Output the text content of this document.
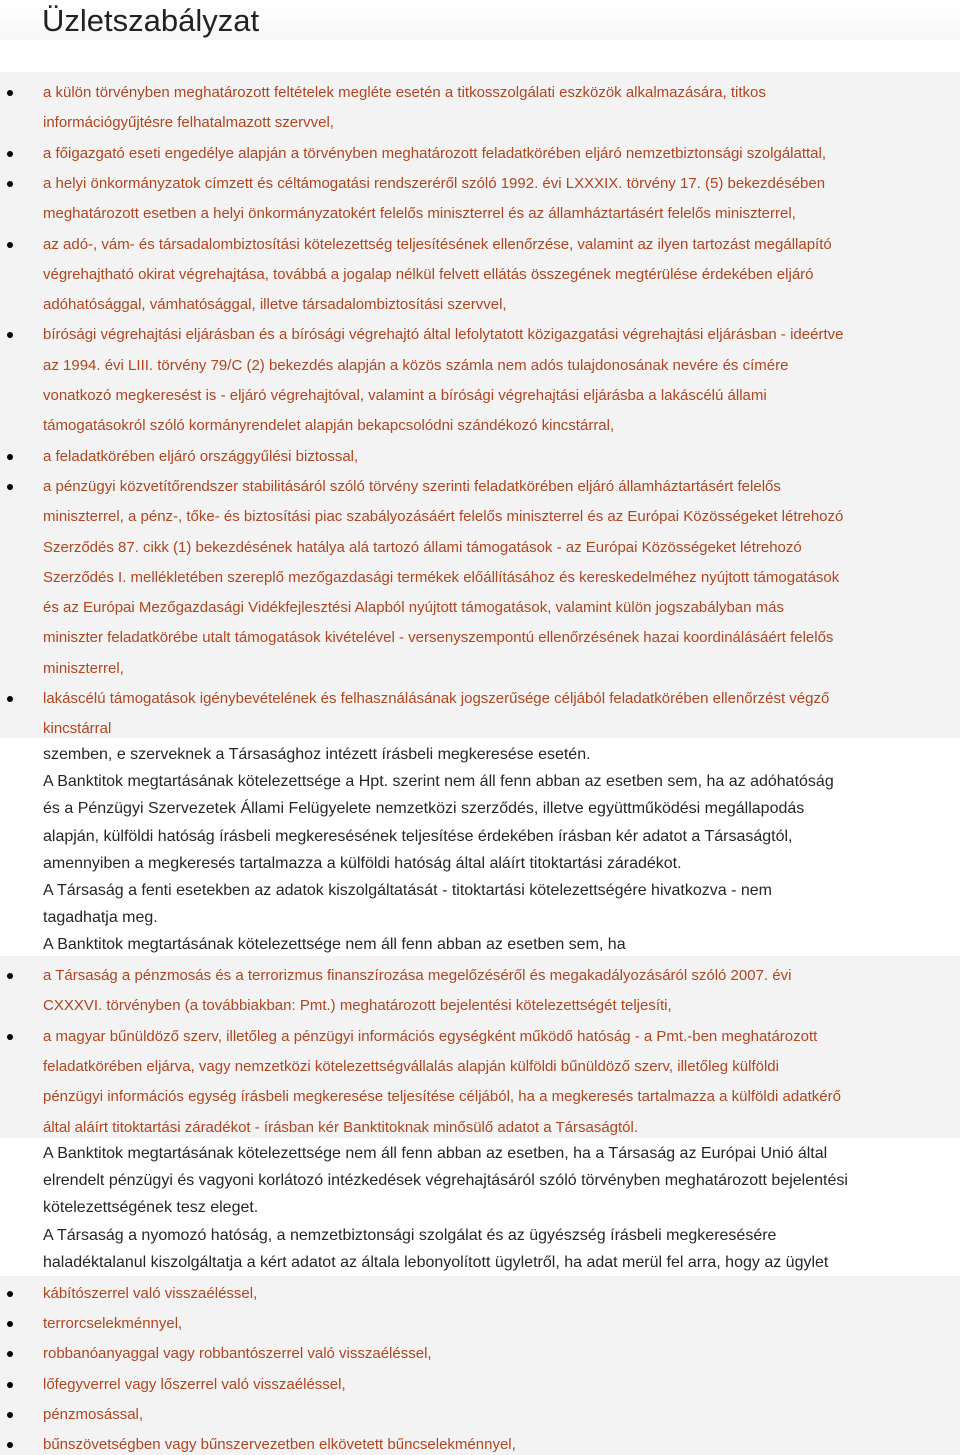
Üzletszabályzat
a külön törvényben meghatározott feltételek megléte esetén a titkosszolgálati eszközök alkalmazására, titkos
információgyűjtésre felhatalmazott szervvel,
a főigazgató eseti engedélye alapján a törvényben meghatározott feladatkörében eljáró nemzetbiztonsági szolgálattal,
a helyi önkormányzatok címzett és céltámogatási rendszeréről szóló 1992. évi LXXXIX. törvény 17. (5) bekezdésében
meghatározott esetben a helyi önkormányzatokért felelős miniszterrel és az államháztartásért felelős miniszterrel,
az adó-, vám- és társadalombiztosítási kötelezettség teljesítésének ellenőrzése, valamint az ilyen tartozást megállapító
végrehajtható okirat végrehajtása, továbbá a jogalap nélkül felvett ellátás összegének megtérülése érdekében eljáró
adóhatósággal, vámhatósággal, illetve társadalombiztosítási szervvel,
bírósági végrehajtási eljárásban és a bírósági végrehajtó által lefolytatott közigazgatási végrehajtási eljárásban - ideértve
az 1994. évi LIII. törvény 79/C (2) bekezdés alapján a közös számla nem adós tulajdonosának nevére és címére
vonatkozó megkeresést is - eljáró végrehajtóval, valamint a bírósági végrehajtási eljárásba a lakáscélú állami
támogatásokról szóló kormányrendelet alapján bekapcsolódni szándékozó kincstárral,
a feladatkörében eljáró országgyűlési biztossal,
a pénzügyi közvetítőrendszer stabilitásáról szóló törvény szerinti feladatkörében eljáró államháztartásért felelős
miniszterrel, a pénz-, tőke- és biztosítási piac szabályozásáért felelős miniszterrel és az Európai Közösségeket létrehozó
Szerződés 87. cikk (1) bekezdésének hatálya alá tartozó állami támogatások - az Európai Közösségeket létrehozó
Szerződés I. mellékletében szereplő mezőgazdasági termékek előállításához és kereskedelméhez nyújtott támogatások
és az Európai Mezőgazdasági Vidékfejlesztési Alapból nyújtott támogatások, valamint külön jogszabályban más
miniszter feladatkörébe utalt támogatások kivételével - versenyszempontú ellenőrzésének hazai koordinálásáért felelős
miniszterrel,
lakáscélú támogatások igénybevételének és felhasználásának jogszerűsége céljából feladatkörében ellenőrzést végző
kincstárral
szemben, e szerveknek a Társasághoz intézett írásbeli megkeresése esetén.
A Banktitok megtartásának kötelezettsége a Hpt. szerint nem áll fenn abban az esetben sem, ha az adóhatóság
és a Pénzügyi Szervezetek Állami Felügyelete nemzetközi szerződés, illetve együttműködési megállapodás
alapján, külföldi hatóság írásbeli megkeresésének teljesítése érdekében írásban kér adatot a Társaságtól,
amennyiben a megkeresés tartalmazza a külföldi hatóság által aláírt titoktartási záradékot.
A Társaság a fenti esetekben az adatok kiszolgáltatását - titoktartási kötelezettségére hivatkozva - nem
tagadhatja meg.
A Banktitok megtartásának kötelezettsége nem áll fenn abban az esetben sem, ha
a Társaság a pénzmosás és a terrorizmus finanszírozása megelőzéséről és megakadályozásáról szóló 2007. évi
CXXXVI. törvényben (a továbbiakban: Pmt.) meghatározott bejelentési kötelezettségét teljesíti,
a magyar bűnüldöző szerv, illetőleg a pénzügyi információs egységként működő hatóság - a Pmt.-ben meghatározott
feladatkörében eljárva, vagy nemzetközi kötelezettségvállalás alapján külföldi bűnüldöző szerv, illetőleg külföldi
pénzügyi információs egység írásbeli megkeresése teljesítése céljából, ha a megkeresés tartalmazza a külföldi adatkérő
által aláírt titoktartási záradékot - írásban kér Banktitoknak minősülő adatot a Társaságtól.
A Banktitok megtartásának kötelezettsége nem áll fenn abban az esetben, ha a Társaság az Európai Unió által
elrendelt pénzügyi és vagyoni korlátozó intézkedések végrehajtásáról szóló törvényben meghatározott bejelentési
kötelezettségének tesz eleget.
A Társaság a nyomozó hatóság, a nemzetbiztonsági szolgálat és az ügyészség írásbeli megkeresésére
haladéktalanul kiszolgáltatja a kért adatot az általa lebonyolított ügyletről, ha adat merül fel arra, hogy az ügylet
kábítószerrel való visszaéléssel,
terrorcselekménnyel,
robbanóanyaggal vagy robbantószerrel való visszaéléssel,
lőfegyverrel vagy lőszerrel való visszaéléssel,
pénzmosással,
bűnszövetségben vagy bűnszervezetben elkövetett bűncselekménnyel,
